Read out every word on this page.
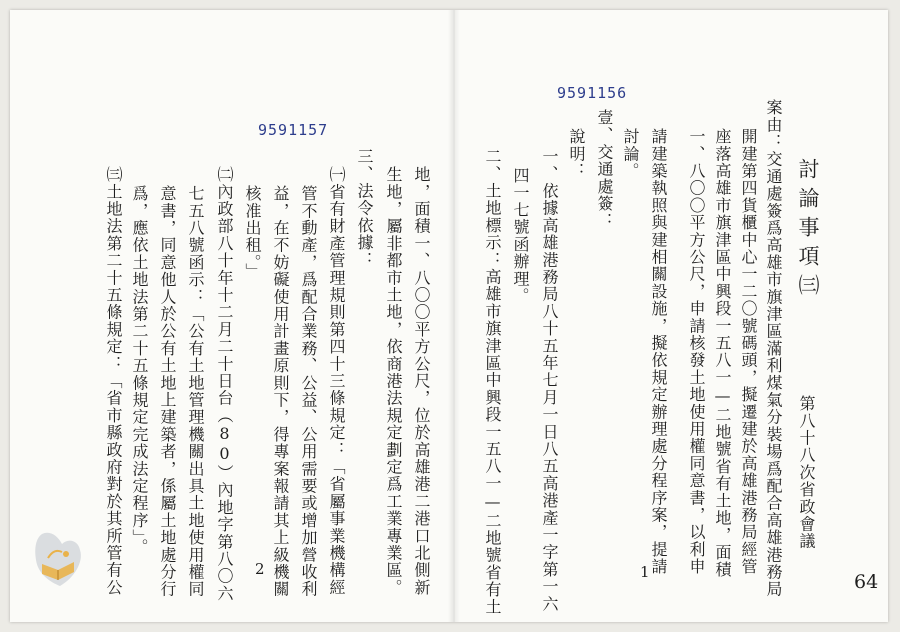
第八十八次省政會議
討論事項㈢
9591156
案由：交通處簽爲高雄市旗津區滿利煤氣分裝場爲配合高雄港務局
開建第四貨櫃中心一二〇號碼頭，擬遷建於高雄港務局經管
座落高雄市旗津區中興段一五八一—二地號省有土地，面積
一、八〇〇平方公尺，申請核發土地使用權同意書，以利申
請建築執照與建相關設施，擬依規定辦理處分程序案，提請
討論。
壹、交通處簽：
說明：
一、依據高雄港務局八十五年七月一日八五高港產一字第一六
四一七號函辦理。
二、土地標示：高雄市旗津區中興段一五八一—二地號省有土	1	64
9591157
地，面積一、八〇〇平方公尺，位於高雄港二港口北側新
生地，屬非都市土地，依商港法規定劃定爲工業專業區。
三、法令依據：
㈠省有財產管理規則第四十三條規定：「省屬事業機構經
管不動產，爲配合業務、公益、公用需要或增加營收利
益，在不妨礙使用計畫原則下，得專案報請其上級機關
核准出租。」
㈡內政部八十年十二月二十日台（80）內地字第八〇六
七五八號函示：「公有土地管理機關出具土地使用權同
意書，同意他人於公有土地上建築者，係屬土地處分行
爲，應依土地法第二十五條規定完成法定程序」。
㈢土地法第二十五條規定：「省市縣政府對於其所管有公	2
